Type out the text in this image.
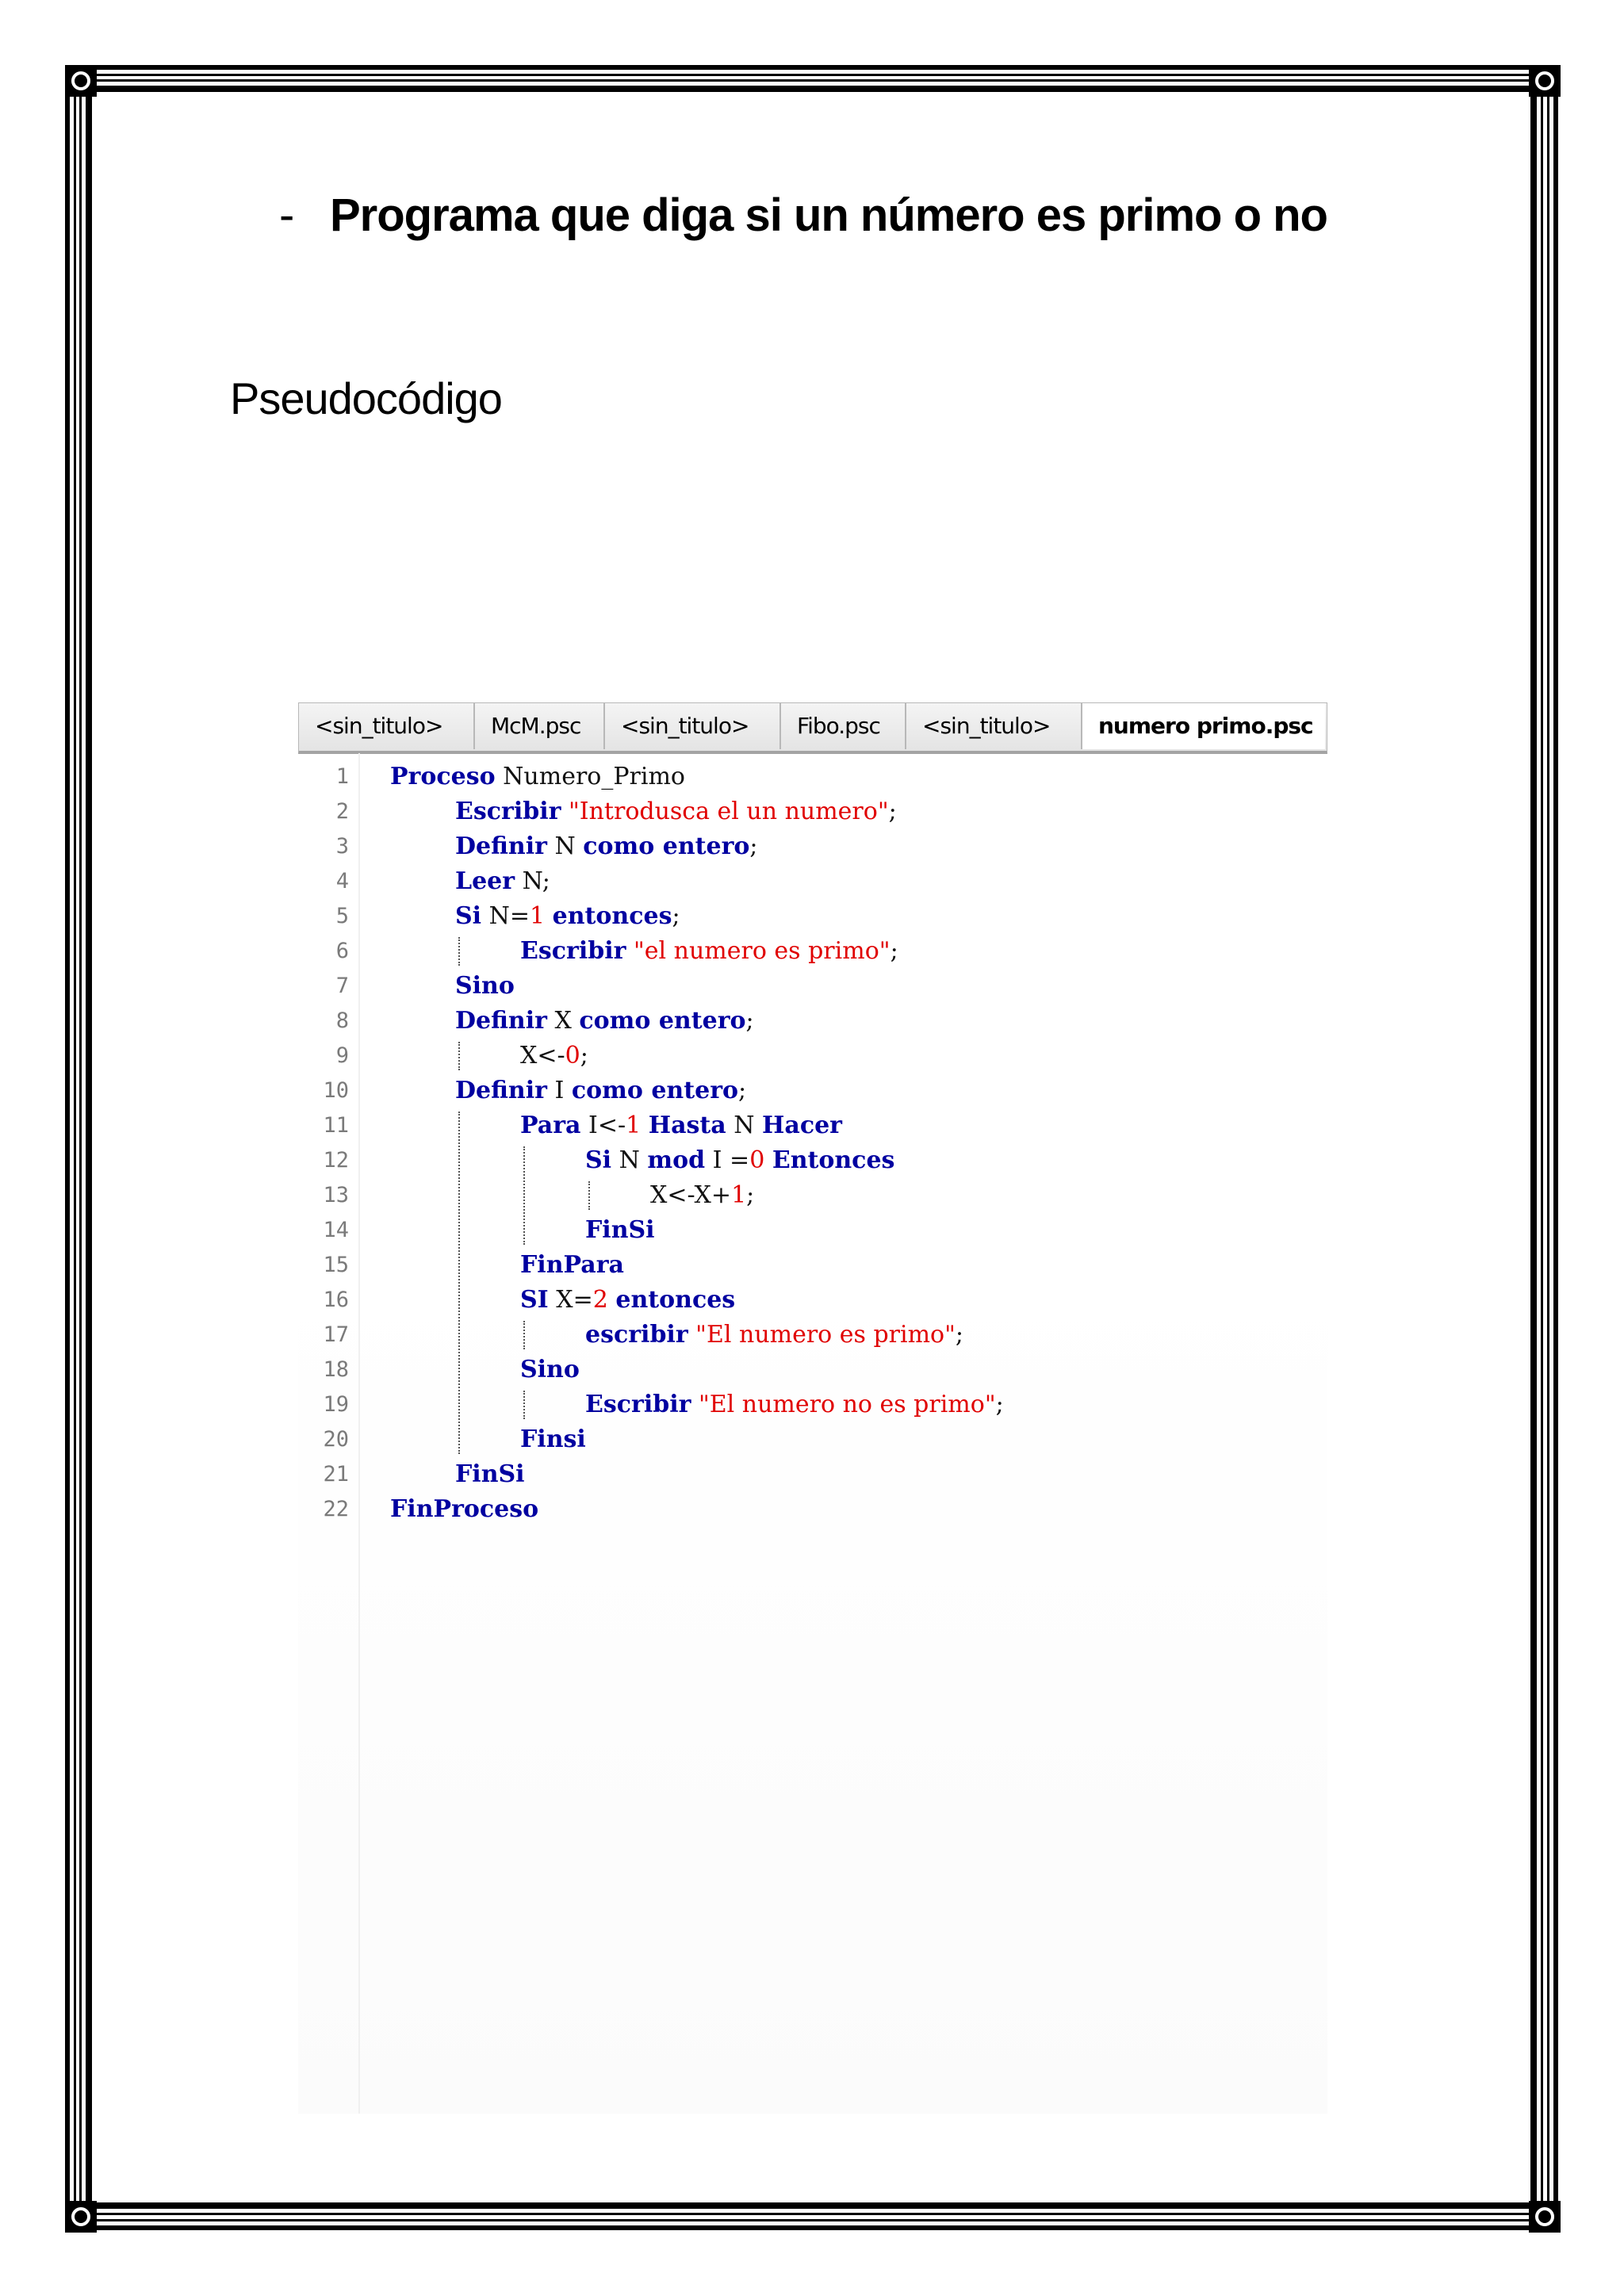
- Programa que diga si un número es primo o no
Pseudocódigo
<sin_titulo>	McM.psc	<sin_titulo>	Fibo.psc	<sin_titulo>	numero primo.psc
1 Proceso Numero_Primo
2	Escribir "Introdusca el un numero";
3	Definir N como entero;
4	Leer N;
5	Si N=1 entonces;
6	Escribir "el numero es primo";
7	Sino
8	Definir X como entero;
9	X<-0;
10	Definir I como entero;
11	Para I<-1 Hasta N Hacer
12	Si N mod I =0 Entonces
13	X<-X+1;
14	FinSi
15	FinPara
16	SI X=2 entonces
17	escribir "El numero es primo";
18	Sino
19	Escribir "El numero no es primo";
20	Finsi
21	FinSi
22 FinProceso
